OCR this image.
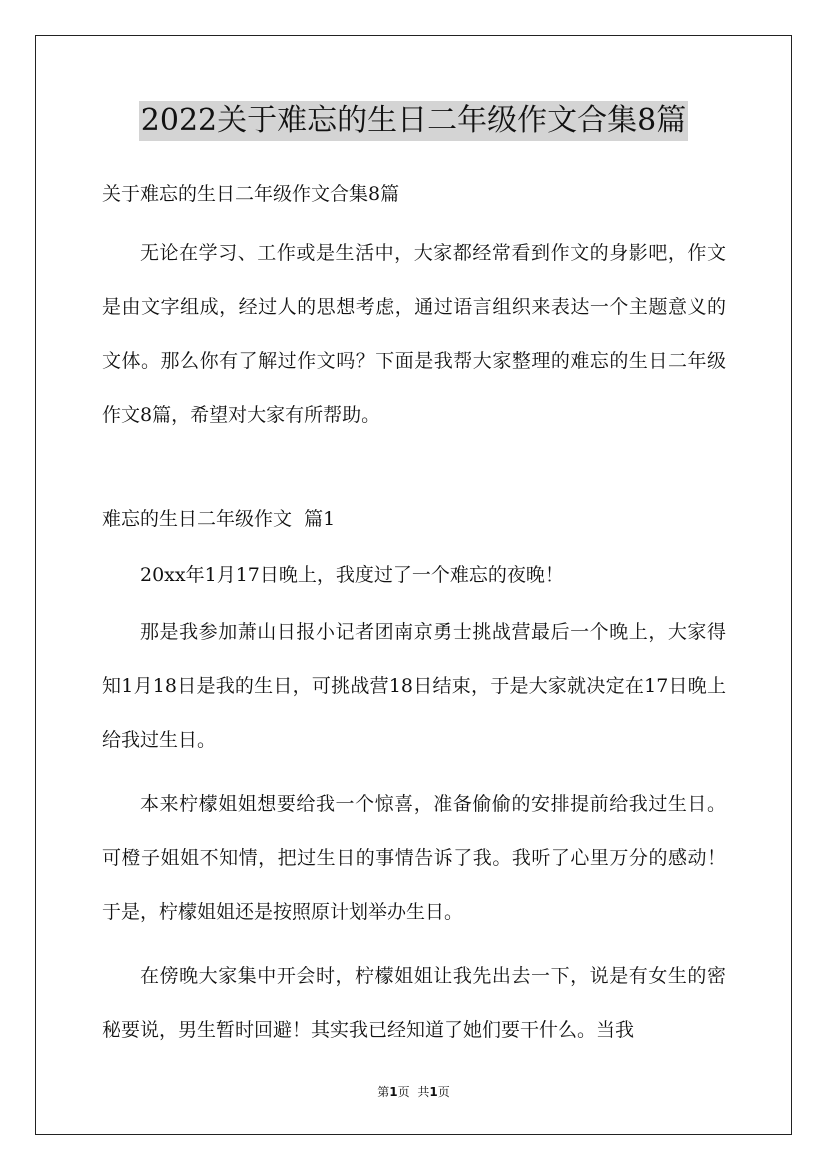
2022关于难忘的生日二年级作文合集8篇

关于难忘的生日二年级作文合集8篇

无论在学习、工作或是生活中，大家都经常看到作文的身影吧，作文是由文字组成，经过人的思想考虑，通过语言组织来表达一个主题意义的文体。那么你有了解过作文吗？下面是我帮大家整理的难忘的生日二年级作文8篇，希望对大家有所帮助。

难忘的生日二年级作文  篇1

20xx年1月17日晚上，我度过了一个难忘的夜晚！

那是我参加萧山日报小记者团南京勇士挑战营最后一个晚上，大家得知1月18日是我的生日，可挑战营18日结束，于是大家就决定在17日晚上给我过生日。

本来柠檬姐姐想要给我一个惊喜，准备偷偷的安排提前给我过生日。可橙子姐姐不知情，把过生日的事情告诉了我。我听了心里万分的感动！于是，柠檬姐姐还是按照原计划举办生日。

在傍晚大家集中开会时，柠檬姐姐让我先出去一下，说是有女生的密秘要说，男生暂时回避！其实我已经知道了她们要干什么。当我

第1页 共1页
